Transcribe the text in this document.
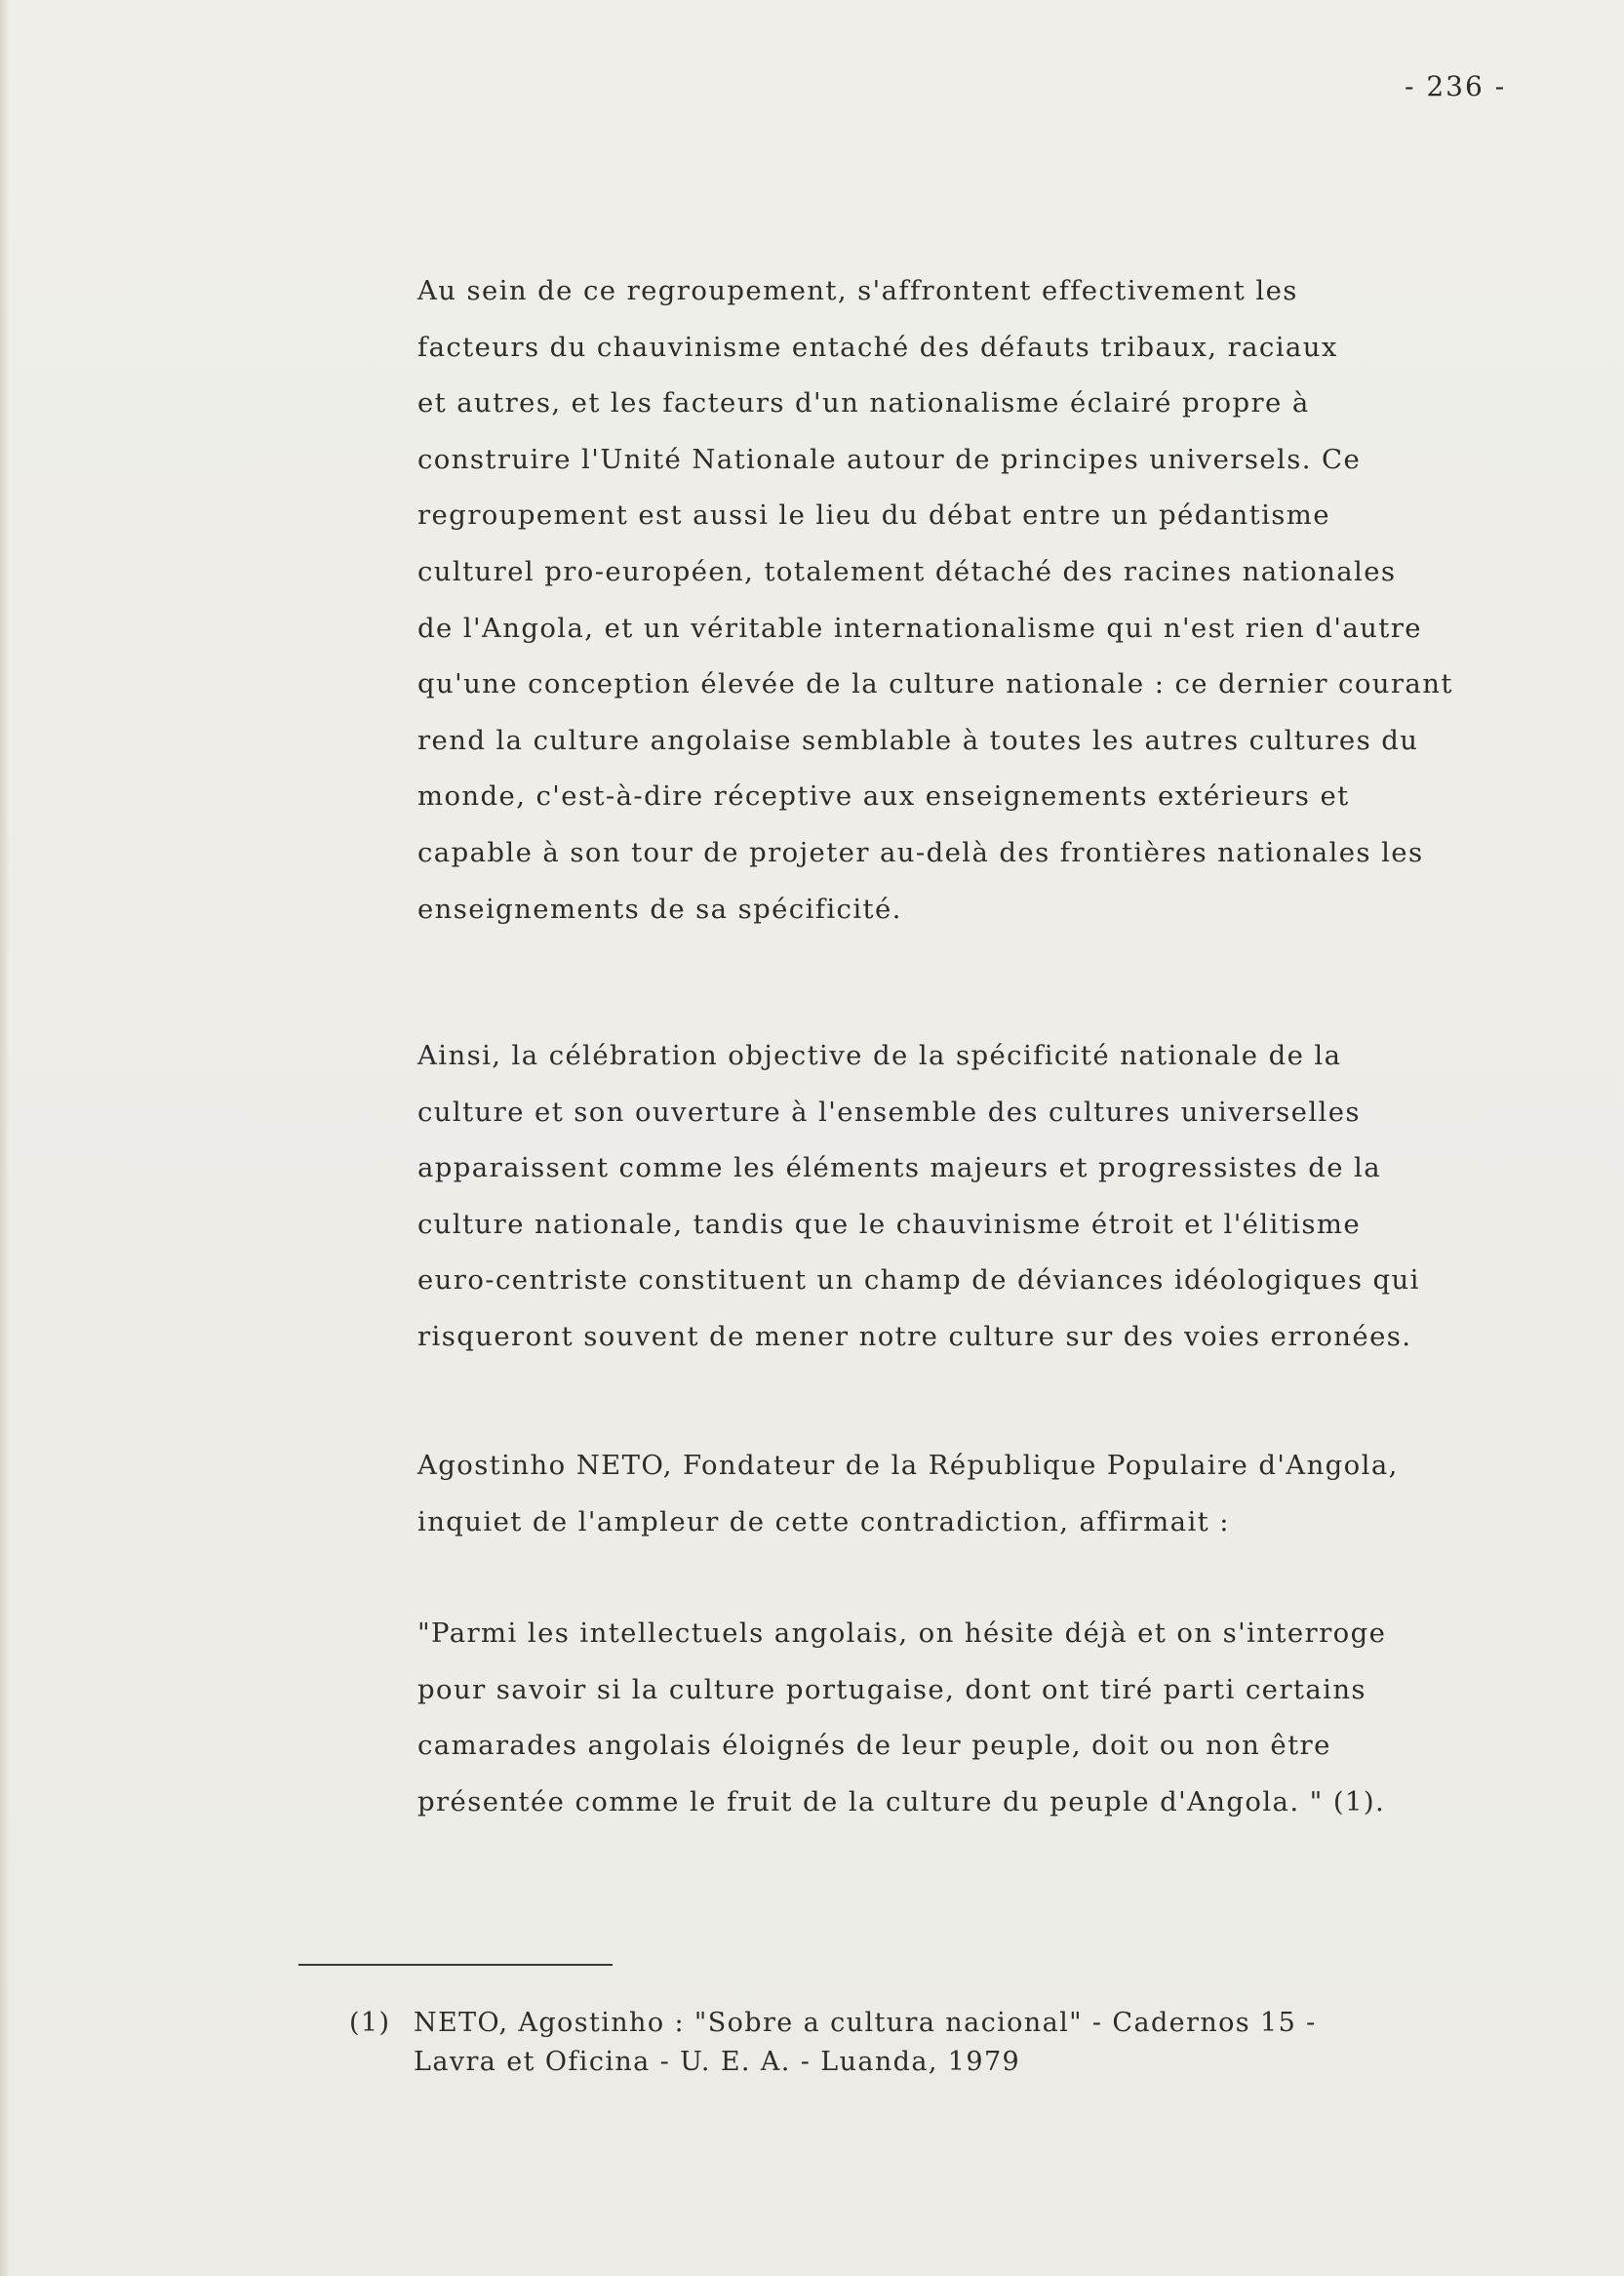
- 236 -
Au sein de ce regroupement, s'affrontent effectivement les
facteurs du chauvinisme entaché des défauts tribaux, raciaux
et autres, et les facteurs d'un nationalisme éclairé propre à
construire l'Unité Nationale autour de principes universels. Ce
regroupement est aussi le lieu du débat entre un pédantisme
culturel pro-européen, totalement détaché des racines nationales
de l'Angola, et un véritable internationalisme qui n'est rien d'autre
qu'une conception élevée de la culture nationale : ce dernier courant
rend la culture angolaise semblable à toutes les autres cultures du
monde, c'est-à-dire réceptive aux enseignements extérieurs et
capable à son tour de projeter au-delà des frontières nationales les
enseignements de sa spécificité.
Ainsi, la célébration objective de la spécificité nationale de la
culture et son ouverture à l'ensemble des cultures universelles
apparaissent comme les éléments majeurs et progressistes de la
culture nationale, tandis que le chauvinisme étroit et l'élitisme
euro-centriste constituent un champ de déviances idéologiques qui
risqueront souvent de mener notre culture sur des voies erronées.
Agostinho NETO, Fondateur de la République Populaire d'Angola,
inquiet de l'ampleur de cette contradiction, affirmait :
"Parmi les intellectuels angolais, on hésite déjà et on s'interroge
pour savoir si la culture portugaise, dont ont tiré parti certains
camarades angolais éloignés de leur peuple, doit ou non être
présentée comme le fruit de la culture du peuple d'Angola. " (1).
(1) NETO, Agostinho : "Sobre a cultura nacional" - Cadernos 15 -
Lavra et Oficina - U. E. A. - Luanda, 1979
